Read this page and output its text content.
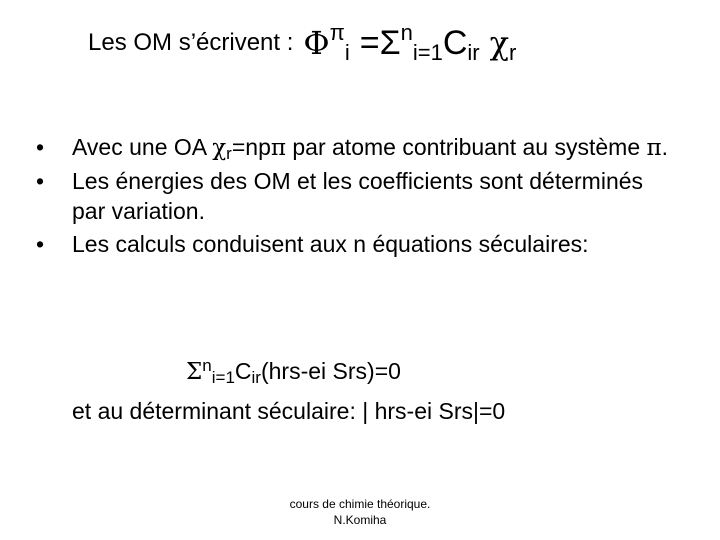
Les OM s’écrivent : $\Phi^\pi_i =\Sigma^n_{i=1}C_{ir}$ $\chi_r$
• Avec une OA $\chi_r=np\pi$ par atome contribuant au système π.
• Les énergies des OM et les coefficients sont déterminés par variation.
• Les calculs conduisent aux n équations séculaires:
$\Sigma^n_{i=1}C_{ir}(hrs-ei$ Srs)=0
et au déterminant séculaire: | hrs-ei Srs|=0
cours de chimie théorique.
N.Komiha
